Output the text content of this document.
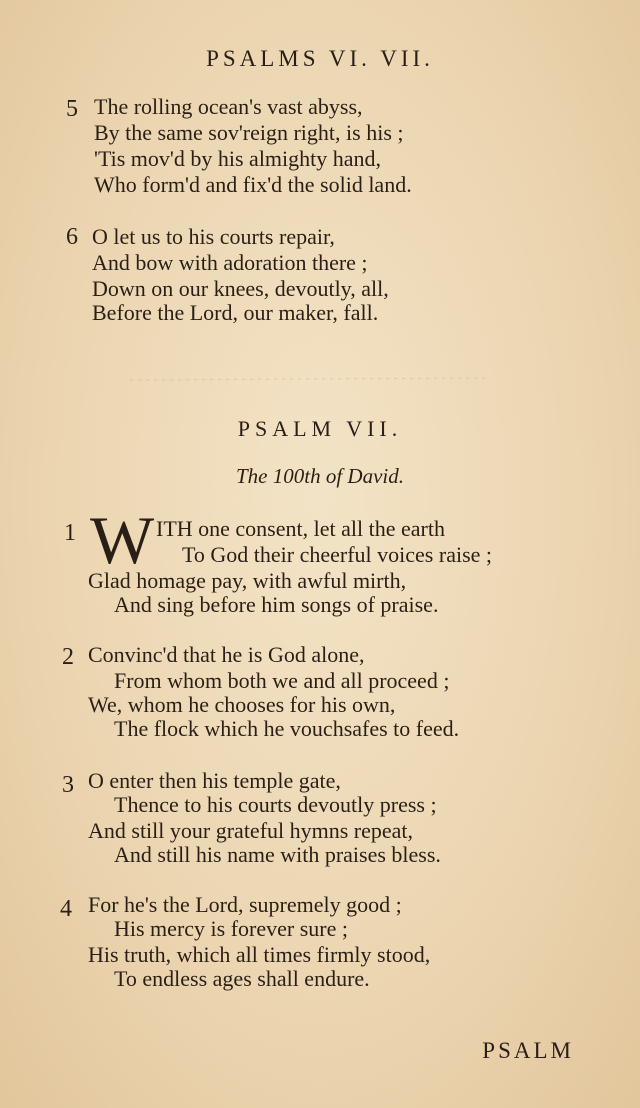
PSALMS VI. VII.
5 The rolling ocean's vast abyss,
By the same sov'reign right, is his ;
'Tis mov'd by his almighty hand,
Who form'd and fix'd the solid land.
6 O let us to his courts repair,
And bow with adoration there ;
Down on our knees, devoutly, all,
Before the Lord, our maker, fall.
PSALM VII.
The 100th of David.
1 W ITH one consent, let all the earth
To God their cheerful voices raise ;
Glad homage pay, with awful mirth,
And sing before him songs of praise.
2 Convinc'd that he is God alone,
From whom both we and all proceed ;
We, whom he chooses for his own,
The flock which he vouchsafes to feed.
3 O enter then his temple gate,
Thence to his courts devoutly press ;
And still your grateful hymns repeat,
And still his name with praises bless.
4 For he's the Lord, supremely good ;
His mercy is forever sure ;
His truth, which all times firmly stood,
To endless ages shall endure.
PSALM
